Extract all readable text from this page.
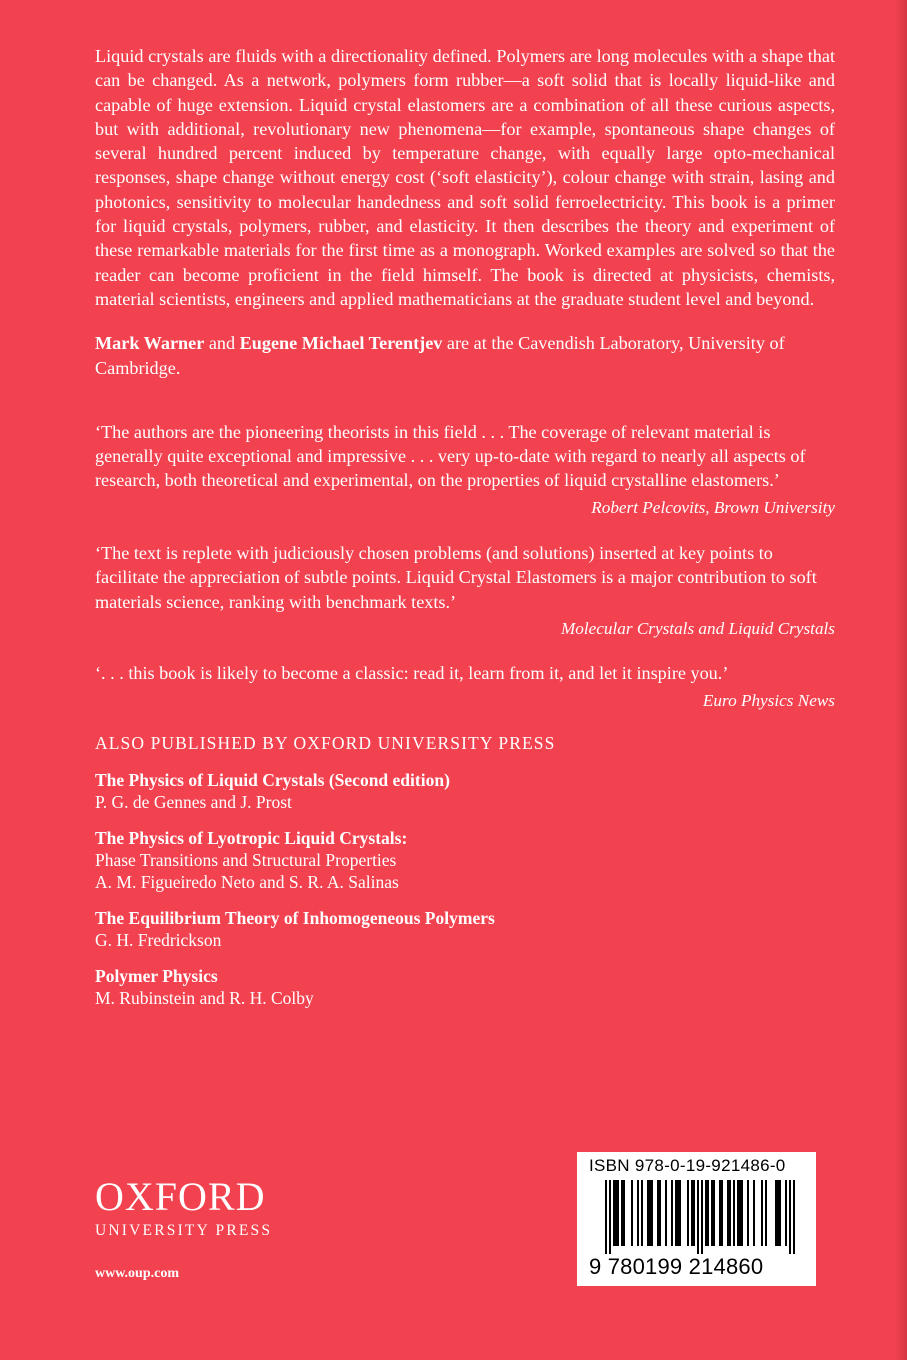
Liquid crystals are fluids with a directionality defined. Polymers are long molecules with a shape that can be changed. As a network, polymers form rubber—a soft solid that is locally liquid-like and capable of huge extension. Liquid crystal elastomers are a combination of all these curious aspects, but with additional, revolutionary new phenomena—for example, spontaneous shape changes of several hundred percent induced by temperature change, with equally large opto-mechanical responses, shape change without energy cost (‘soft elasticity’), colour change with strain, lasing and photonics, sensitivity to molecular handedness and soft solid ferroelectricity. This book is a primer for liquid crystals, polymers, rubber, and elasticity. It then describes the theory and experiment of these remarkable materials for the first time as a monograph. Worked examples are solved so that the reader can become proficient in the field himself. The book is directed at physicists, chemists, material scientists, engineers and applied mathematicians at the graduate student level and beyond.

Mark Warner and Eugene Michael Terentjev are at the Cavendish Laboratory, University of Cambridge.

‘The authors are the pioneering theorists in this field . . . The coverage of relevant material is generally quite exceptional and impressive . . . very up-to-date with regard to nearly all aspects of research, both theoretical and experimental, on the properties of liquid crystalline elastomers.’

Robert Pelcovits, Brown University

‘The text is replete with judiciously chosen problems (and solutions) inserted at key points to facilitate the appreciation of subtle points. Liquid Crystal Elastomers is a major contribution to soft materials science, ranking with benchmark texts.’

Molecular Crystals and Liquid Crystals

‘. . . this book is likely to become a classic: read it, learn from it, and let it inspire you.’

Euro Physics News

ALSO PUBLISHED BY OXFORD UNIVERSITY PRESS
The Physics of Liquid Crystals (Second edition)
P. G. de Gennes and J. Prost
The Physics of Lyotropic Liquid Crystals:
Phase Transitions and Structural Properties
A. M. Figueiredo Neto and S. R. A. Salinas
The Equilibrium Theory of Inhomogeneous Polymers
G. H. Fredrickson
Polymer Physics
M. Rubinstein and R. H. Colby
OXFORD
UNIVERSITY PRESS
www.oup.com
ISBN 978-0-19-921486-0
9 780199 214860
